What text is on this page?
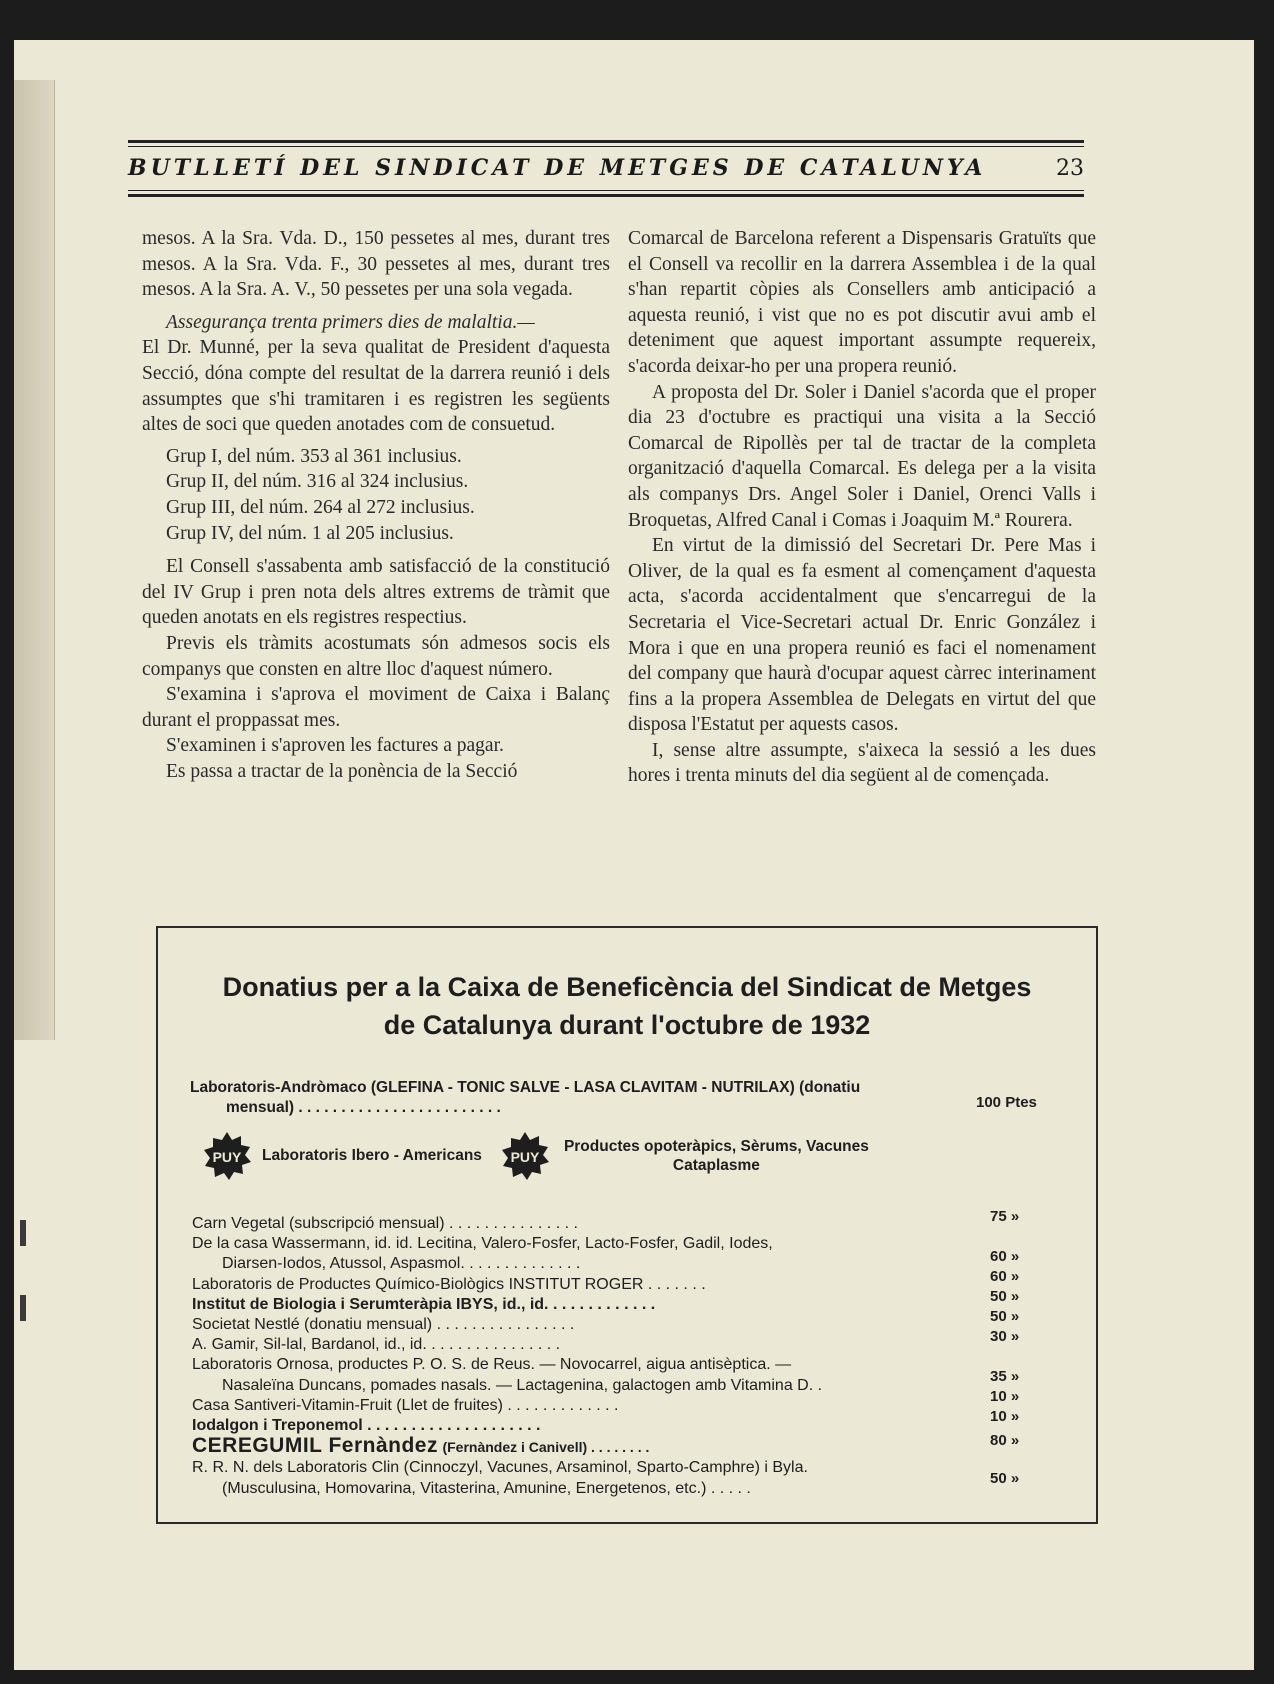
BUTLLETÍ DEL SINDICAT DE METGES DE CATALUNYA	23

mesos. A la Sra. Vda. D., 150 pessetes al mes, durant tres mesos. A la Sra. Vda. F., 30 pessetes al mes, durant tres mesos. A la Sra. A. V., 50 pessetes per una sola vegada.

Assegurança trenta primers dies de malaltia.—

El Dr. Munné, per la seva qualitat de President d'aquesta Secció, dóna compte del resultat de la darrera reunió i dels assumptes que s'hi tramitaren i es registren les següents altes de soci que queden anotades com de consuetud.

Grup I, del núm. 353 al 361 inclusius.
Grup II, del núm. 316 al 324 inclusius.
Grup III, del núm. 264 al 272 inclusius.
Grup IV, del núm. 1 al 205 inclusius.

El Consell s'assabenta amb satisfacció de la constitució del IV Grup i pren nota dels altres extrems de tràmit que queden anotats en els registres respectius.

Previs els tràmits acostumats són admesos socis els companys que consten en altre lloc d'aquest número.

S'examina i s'aprova el moviment de Caixa i Balanç durant el proppassat mes.

S'examinen i s'aproven les factures a pagar.

Es passa a tractar de la ponència de la Secció

Comarcal de Barcelona referent a Dispensaris Gratuïts que el Consell va recollir en la darrera Assemblea i de la qual s'han repartit còpies als Consellers amb anticipació a aquesta reunió, i vist que no es pot discutir avui amb el deteniment que aquest important assumpte requereix, s'acorda deixar-ho per una propera reunió.

A proposta del Dr. Soler i Daniel s'acorda que el proper dia 23 d'octubre es practiqui una visita a la Secció Comarcal de Ripollès per tal de tractar de la completa organització d'aquella Comarcal. Es delega per a la visita als companys Drs. Angel Soler i Daniel, Orenci Valls i Broquetas, Alfred Canal i Comas i Joaquim M.ª Rourera.

En virtut de la dimissió del Secretari Dr. Pere Mas i Oliver, de la qual es fa esment al començament d'aquesta acta, s'acorda accidentalment que s'encarregui de la Secretaria el Vice-Secretari actual Dr. Enric González i Mora i que en una propera reunió es faci el nomenament del company que haurà d'ocupar aquest càrrec interinament fins a la propera Assemblea de Delegats en virtut del que disposa l'Estatut per aquests casos.

I, sense altre assumpte, s'aixeca la sessió a les dues hores i trenta minuts del dia següent al de començada.

Donatius per a la Caixa de Beneficència del Sindicat de Metges
de Catalunya durant l'octubre de 1932
Laboratoris-Andròmaco (GLEFINA - TONIC SALVE - LASA CLAVITAM - NUTRILAX) (donatiu
mensual) . . . . . . . . . . . . . . . . . . . . . . . .	100 Ptes
PUY Laboratoris Ibero - Americans PUY
Productes opoteràpics, Sèrums, Vacunes
Cataplasme
Carn Vegetal (subscripció mensual) . . . . . . . . . . . . . . .
De la casa Wassermann, id. id. Lecitina, Valero-Fosfer, Lacto-Fosfer, Gadil, Iodes,
Diarsen-Iodos, Atussol, Aspasmol. . . . . . . . . . . . . .
Laboratoris de Productes Químico-Biològics INSTITUT ROGER . . . . . . .
Institut de Biologia i Serumteràpia IBYS, id., id. . . . . . . . . . . . .
Societat Nestlé (donatiu mensual) . . . . . . . . . . . . . . . .
A. Gamir, Sil-lal, Bardanol, id., id. . . . . . . . . . . . . . . .
Laboratoris Ornosa, productes P. O. S. de Reus. — Novocarrel, aigua antisèptica. —
Nasaleïna Duncans, pomades nasals. — Lactagenina, galactogen amb Vitamina D. .
Casa Santiveri-Vitamin-Fruit (Llet de fruites) . . . . . . . . . . . . .
Iodalgon i Treponemol . . . . . . . . . . . . . . . . . . . .
CEREGUMIL Fernàndez (Fernàndez i Canivell) . . . . . . . .
R. R. N. dels Laboratoris Clin (Cinnoczyl, Vacunes, Arsaminol, Sparto-Camphre) i Byla.
(Musculusina, Homovarina, Vitasterina, Amunine, Energetenos, etc.) . . . . .
75 »
60 »
60 »
50 »
50 »
30 »
35 »
10 »
10 »
80 »
50 »
